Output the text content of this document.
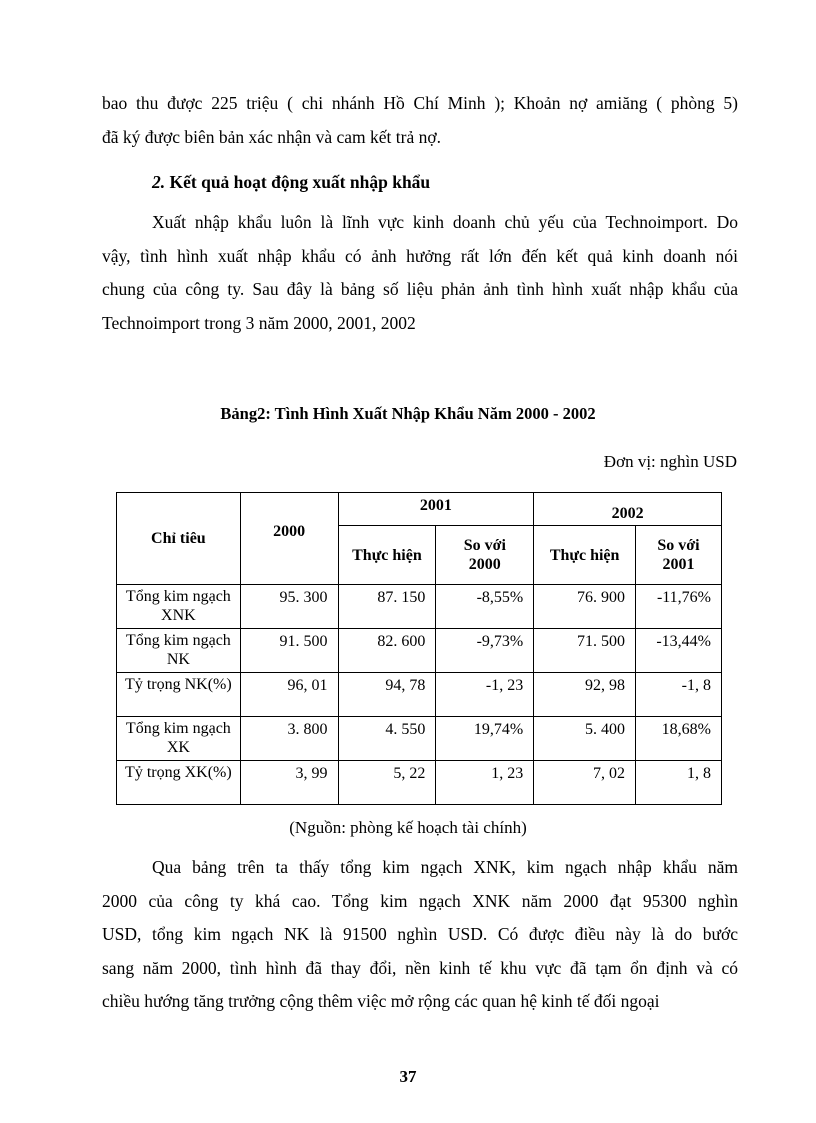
bao thu được 225 triệu ( chi nhánh Hồ Chí Minh ); Khoản nợ amiăng ( phòng 5)
đã ký được biên bản xác nhận và cam kết trả nợ.

2. Kết quả hoạt động xuất nhập khẩu

Xuất nhập khẩu luôn là lĩnh vực kinh doanh chủ yếu của Technoimport. Do
vậy, tình hình xuất nhập khẩu có ảnh hưởng rất lớn đến kết quả kinh doanh nói
chung của công ty. Sau đây là bảng số liệu phản ảnh tình hình xuất nhập khẩu của
Technoimport trong 3 năm 2000, 2001, 2002

Bảng2: Tình Hình Xuất Nhập Khẩu Năm 2000 - 2002

Đơn vị: nghìn USD

Chỉ tiêu	2000	2001		2002	
		Thực hiện	So với 2000	Thực hiện	So với 2001
Tổng kim ngạch XNK	95. 300	87. 150	-8,55%	76. 900	-11,76%
Tổng kim ngạch NK	91. 500	82. 600	-9,73%	71. 500	-13,44%
Tỷ trọng NK(%)	96, 01	94, 78	-1, 23	92, 98	-1, 8
Tổng kim ngạch XK	3. 800	4. 550	19,74%	5. 400	18,68%
Tỷ trọng XK(%)	3, 99	5, 22	1, 23	7, 02	1, 8

(Nguồn: phòng kế hoạch tài chính)

Qua bảng trên ta thấy tổng kim ngạch XNK, kim ngạch nhập khẩu năm
2000 của công ty khá cao. Tổng kim ngạch XNK năm 2000 đạt 95300 nghìn
USD, tổng kim ngạch NK là 91500 nghìn USD. Có được điều này là do bước
sang năm 2000, tình hình đã thay đổi, nền kinh tế khu vực đã tạm ổn định và có
chiều hướng tăng trưởng cộng thêm việc mở rộng các quan hệ kinh tế đối ngoại

37
